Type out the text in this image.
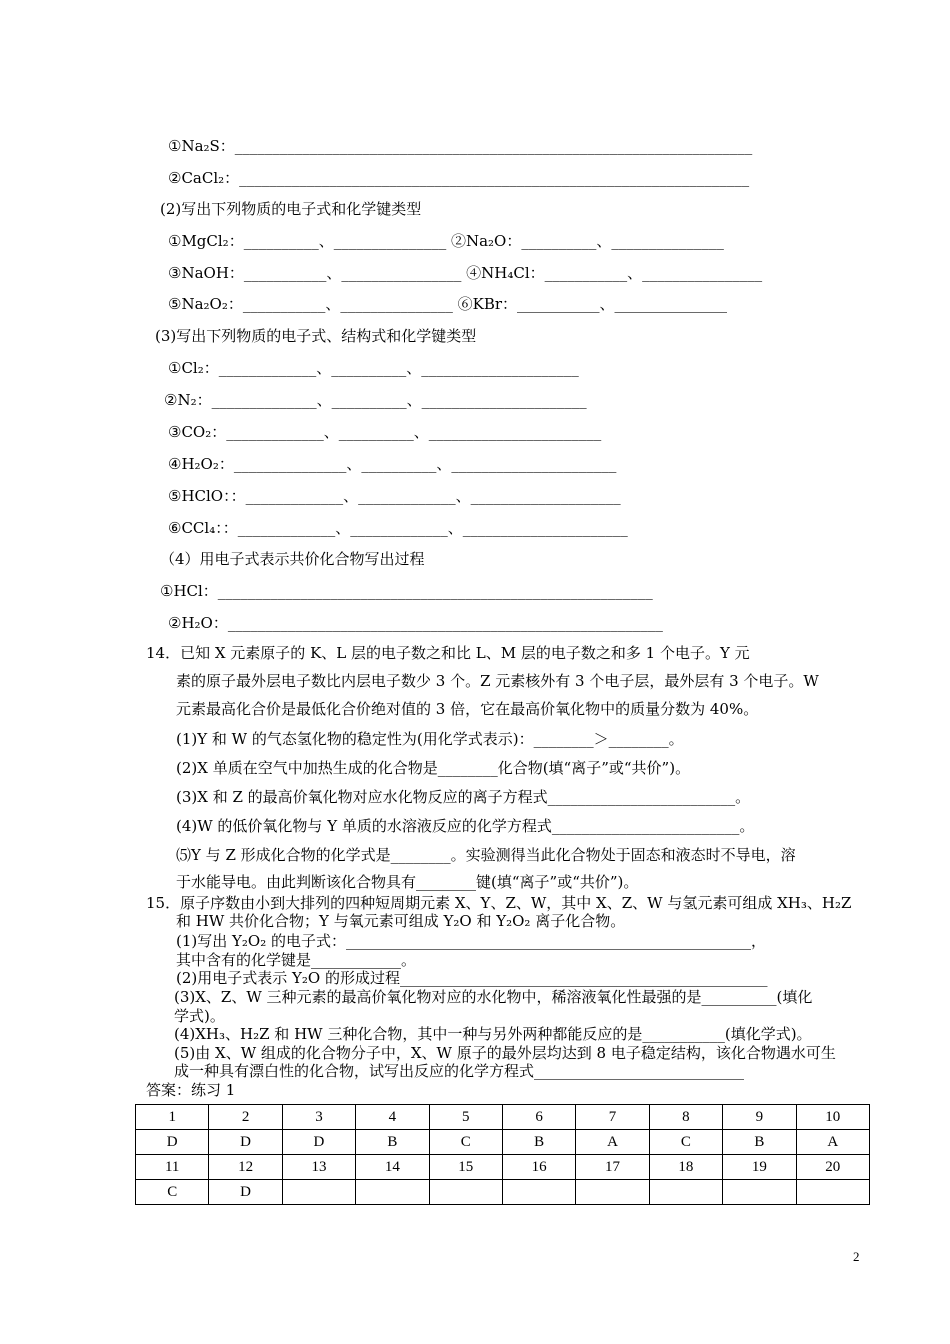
①Na₂S：_____________________________________________________________________
②CaCl₂：____________________________________________________________________
(2)写出下列物质的电子式和化学键类型
①MgCl₂：__________、_______________ ②Na₂O：__________、_______________
③NaOH：___________、________________ ④NH₄Cl：___________、________________
⑤Na₂O₂：___________、_______________ ⑥KBr：___________、_______________
(3)写出下列物质的电子式、结构式和化学键类型
①Cl₂：_____________、__________、_____________________
②N₂：______________、__________、______________________
③CO₂：_____________、__________、_______________________
④H₂O₂：_______________、__________、______________________
⑤HClO：：_____________、_____________、____________________
⑥CCl₄：：_____________、_____________、______________________
（4）用电子式表示共价化合物写出过程
①HCl：__________________________________________________________
②H₂O：__________________________________________________________
14．已知 X 元素原子的 K、L 层的电子数之和比 L、M 层的电子数之和多 1 个电子。Y 元
素的原子最外层电子数比内层电子数少 3 个。Z 元素核外有 3 个电子层，最外层有 3 个电子。W
元素最高化合价是最低化合价绝对值的 3 倍，它在最高价氧化物中的质量分数为 40%。
(1)Y 和 W 的气态氢化物的稳定性为(用化学式表示)：________＞________。
(2)X 单质在空气中加热生成的化合物是________化合物(填“离子”或“共价”)。
(3)X 和 Z 的最高价氧化物对应水化物反应的离子方程式_________________________。
(4)W 的低价氧化物与 Y 单质的水溶液反应的化学方程式_________________________。
⑸Y 与 Z 形成化合物的化学式是________。实验测得当此化合物处于固态和液态时不导电，溶
于水能导电。由此判断该化合物具有________键(填“离子”或“共价”)。
15．原子序数由小到大排列的四种短周期元素 X、Y、Z、W，其中 X、Z、W 与氢元素可组成 XH₃、H₂Z
和 HW 共价化合物；Y 与氧元素可组成 Y₂O 和 Y₂O₂ 离子化合物。
(1)写出 Y₂O₂ 的电子式：______________________________________________________，
其中含有的化学键是____________。
(2)用电子式表示 Y₂O 的形成过程_________________________________________________
(3)X、Z、W 三种元素的最高价氧化物对应的水化物中，稀溶液氧化性最强的是__________(填化
学式)。
(4)XH₃、H₂Z 和 HW 三种化合物，其中一种与另外两种都能反应的是___________(填化学式)。
(5)由 X、W 组成的化合物分子中，X、W 原子的最外层均达到 8 电子稳定结构，该化合物遇水可生
成一种具有漂白性的化合物，试写出反应的化学方程式____________________________
答案：练习 1
1	2	3	4	5	6	7	8	9	10
D	D	D	B	C	B	A	C	B	A
11	12	13	14	15	16	17	18	19	20
C	D								
2
